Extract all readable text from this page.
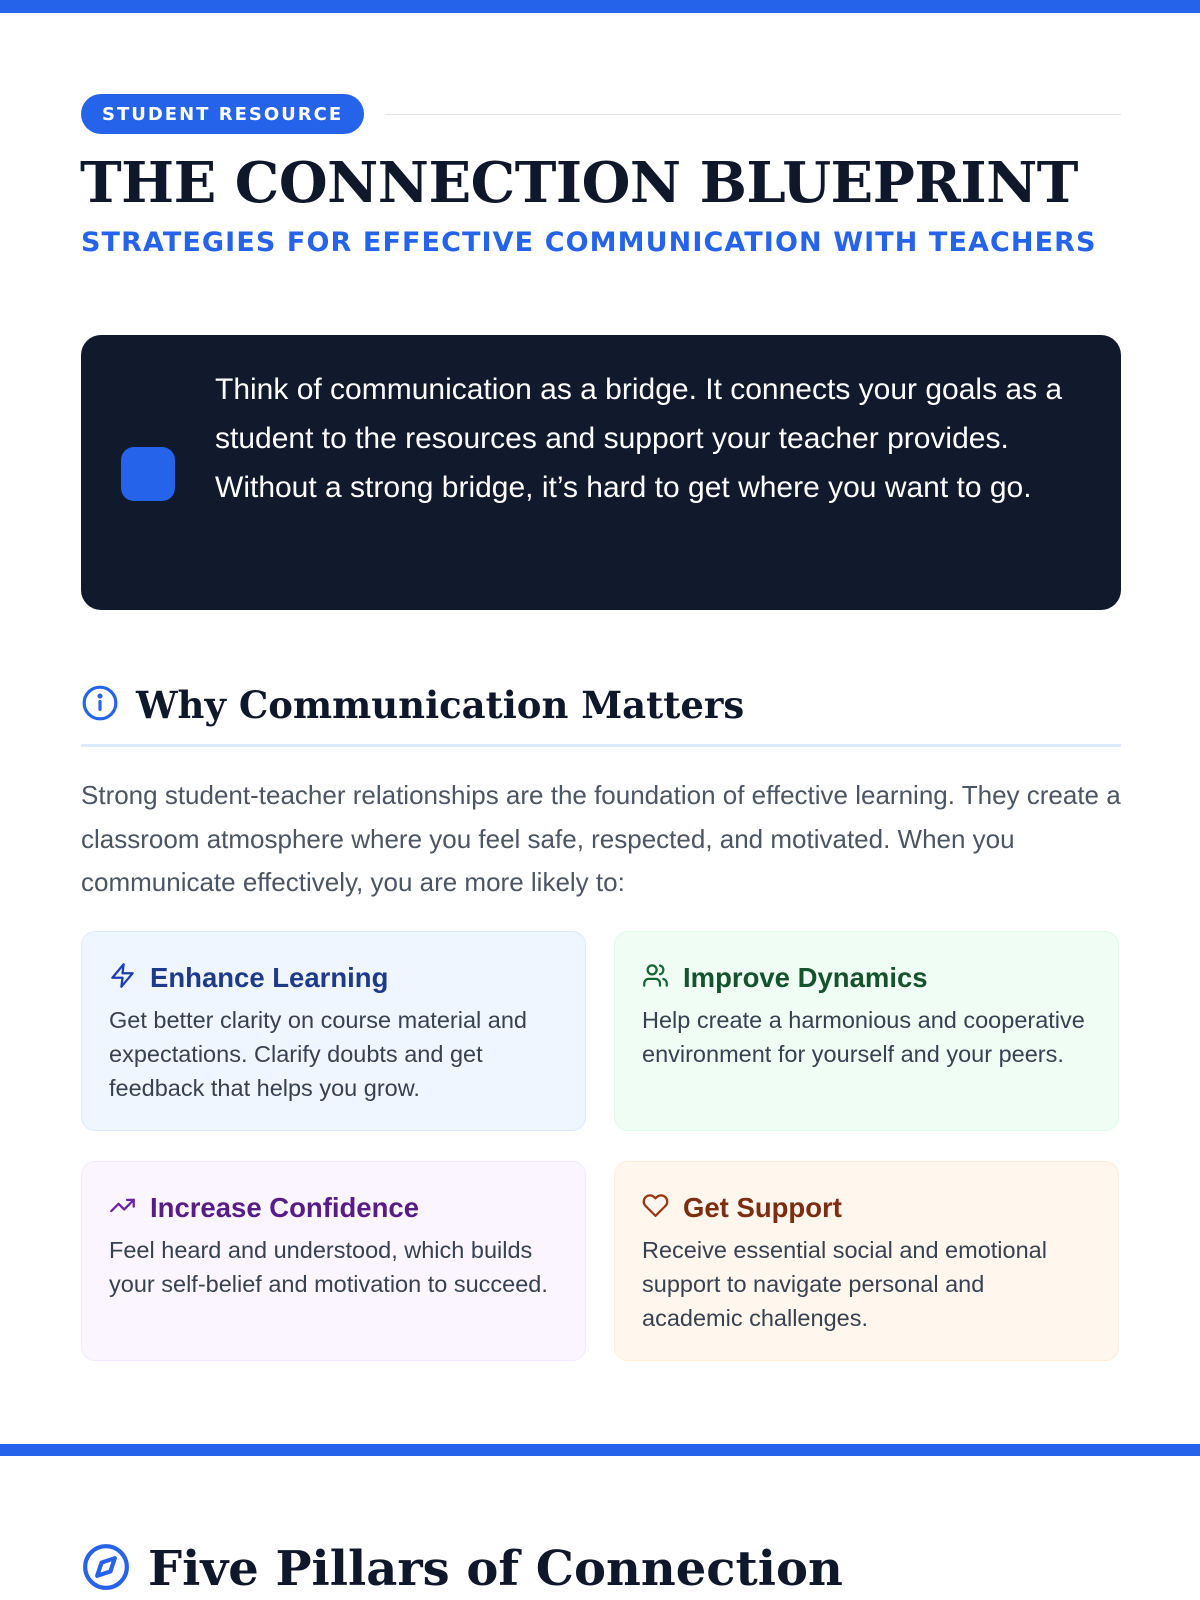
STUDENT RESOURCE
THE CONNECTION BLUEPRINT
STRATEGIES FOR EFFECTIVE COMMUNICATION WITH TEACHERS

Think of communication as a bridge. It connects your goals as a student to the resources and support your teacher provides. Without a strong bridge, it’s hard to get where you want to go.

Why Communication Matters

Strong student-teacher relationships are the foundation of effective learning. They create a classroom atmosphere where you feel safe, respected, and motivated. When you communicate effectively, you are more likely to:

Enhance Learning

Get better clarity on course material and expectations. Clarify doubts and get feedback that helps you grow.

Improve Dynamics

Help create a harmonious and cooperative environment for yourself and your peers.

Increase Confidence

Feel heard and understood, which builds your self-belief and motivation to succeed.

Get Support

Receive essential social and emotional support to navigate personal and academic challenges.

Five Pillars of Connection
